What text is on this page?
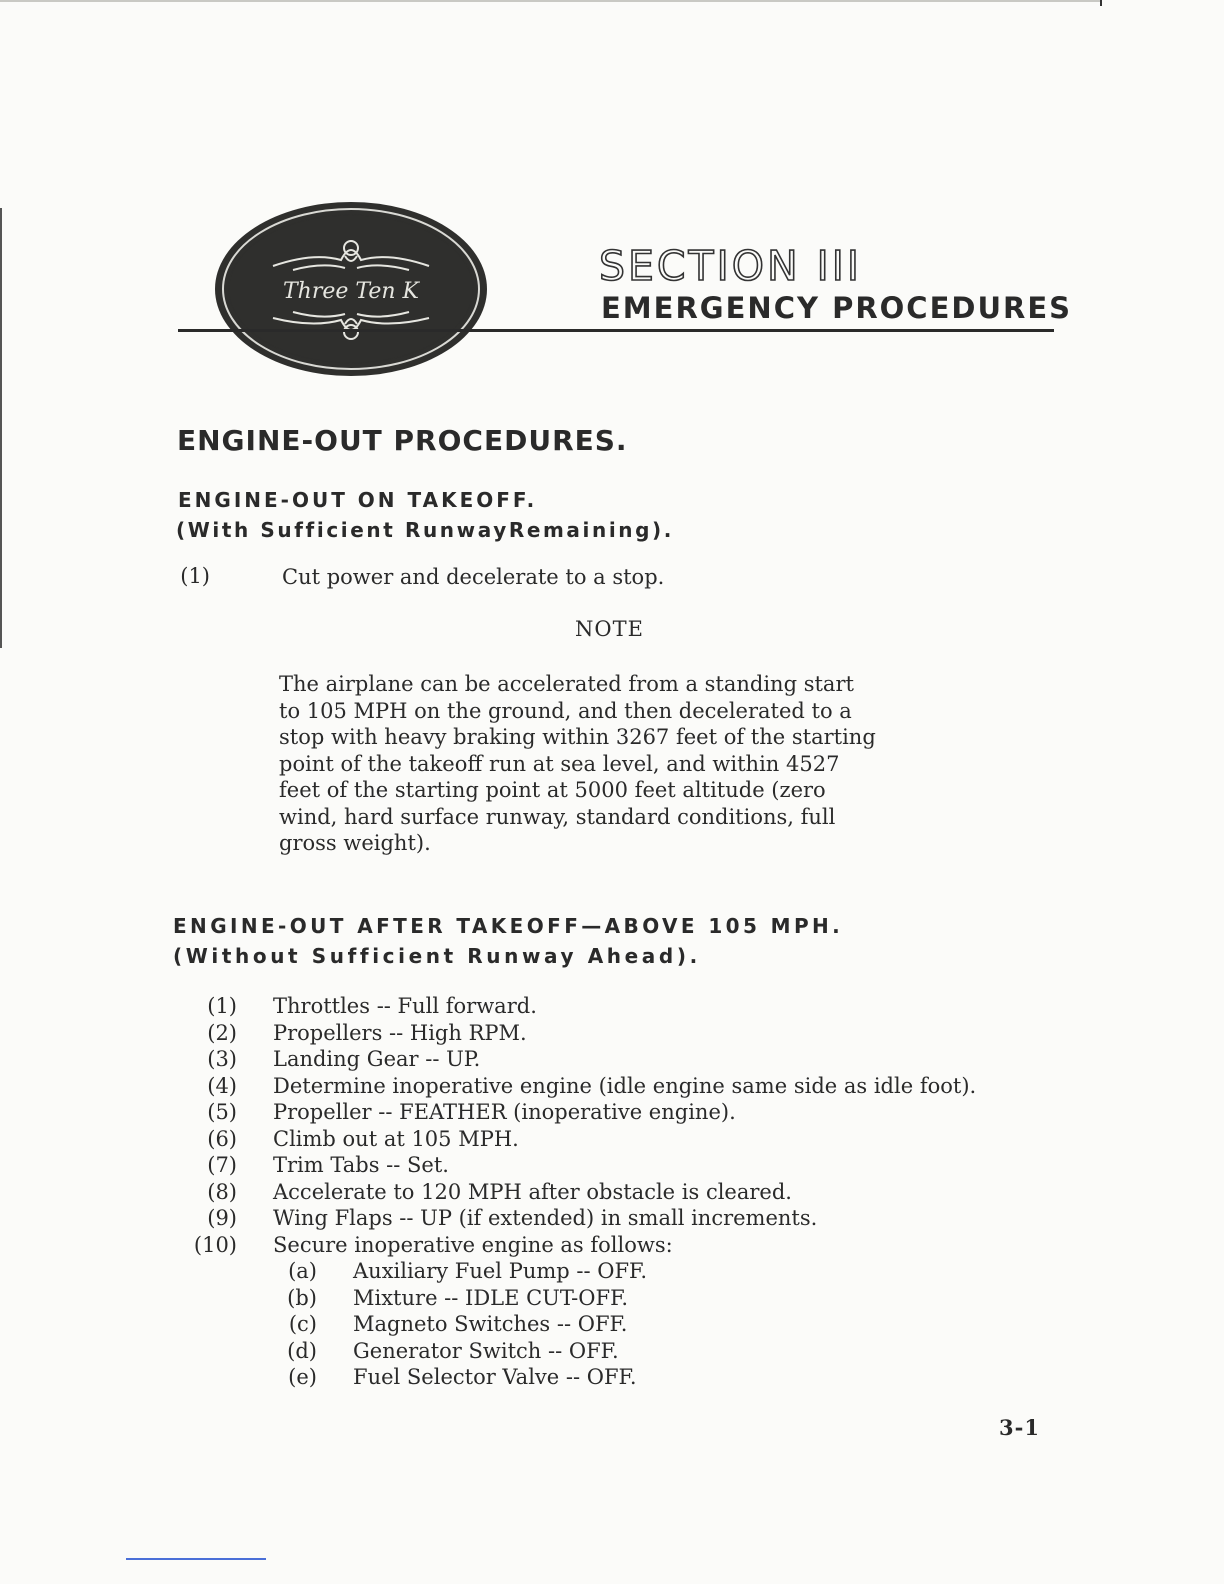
Three Ten K
SECTION III
EMERGENCY PROCEDURES
ENGINE-OUT PROCEDURES.
ENGINE-OUT ON TAKEOFF.
(With Sufficient RunwayRemaining).
(1)	Cut power and decelerate to a stop.
NOTE
The airplane can be accelerated from a standing start
to 105 MPH on the ground, and then decelerated to a
stop with heavy braking within 3267 feet of the starting
point of the takeoff run at sea level, and within 4527
feet of the starting point at 5000 feet altitude (zero
wind, hard surface runway, standard conditions, full
gross weight).
ENGINE-OUT AFTER TAKEOFF—ABOVE 105 MPH.
(Without Sufficient Runway Ahead).
(1) Throttles -- Full forward.
(2) Propellers -- High RPM.
(3) Landing Gear -- UP.
(4) Determine inoperative engine (idle engine same side as idle foot).
(5) Propeller -- FEATHER (inoperative engine).
(6) Climb out at 105 MPH.
(7) Trim Tabs -- Set.
(8) Accelerate to 120 MPH after obstacle is cleared.
(9) Wing Flaps -- UP (if extended) in small increments.
(10) Secure inoperative engine as follows:
(a) Auxiliary Fuel Pump -- OFF.
(b) Mixture -- IDLE CUT-OFF.
(c) Magneto Switches -- OFF.
(d) Generator Switch -- OFF.
(e) Fuel Selector Valve -- OFF.
3-1
